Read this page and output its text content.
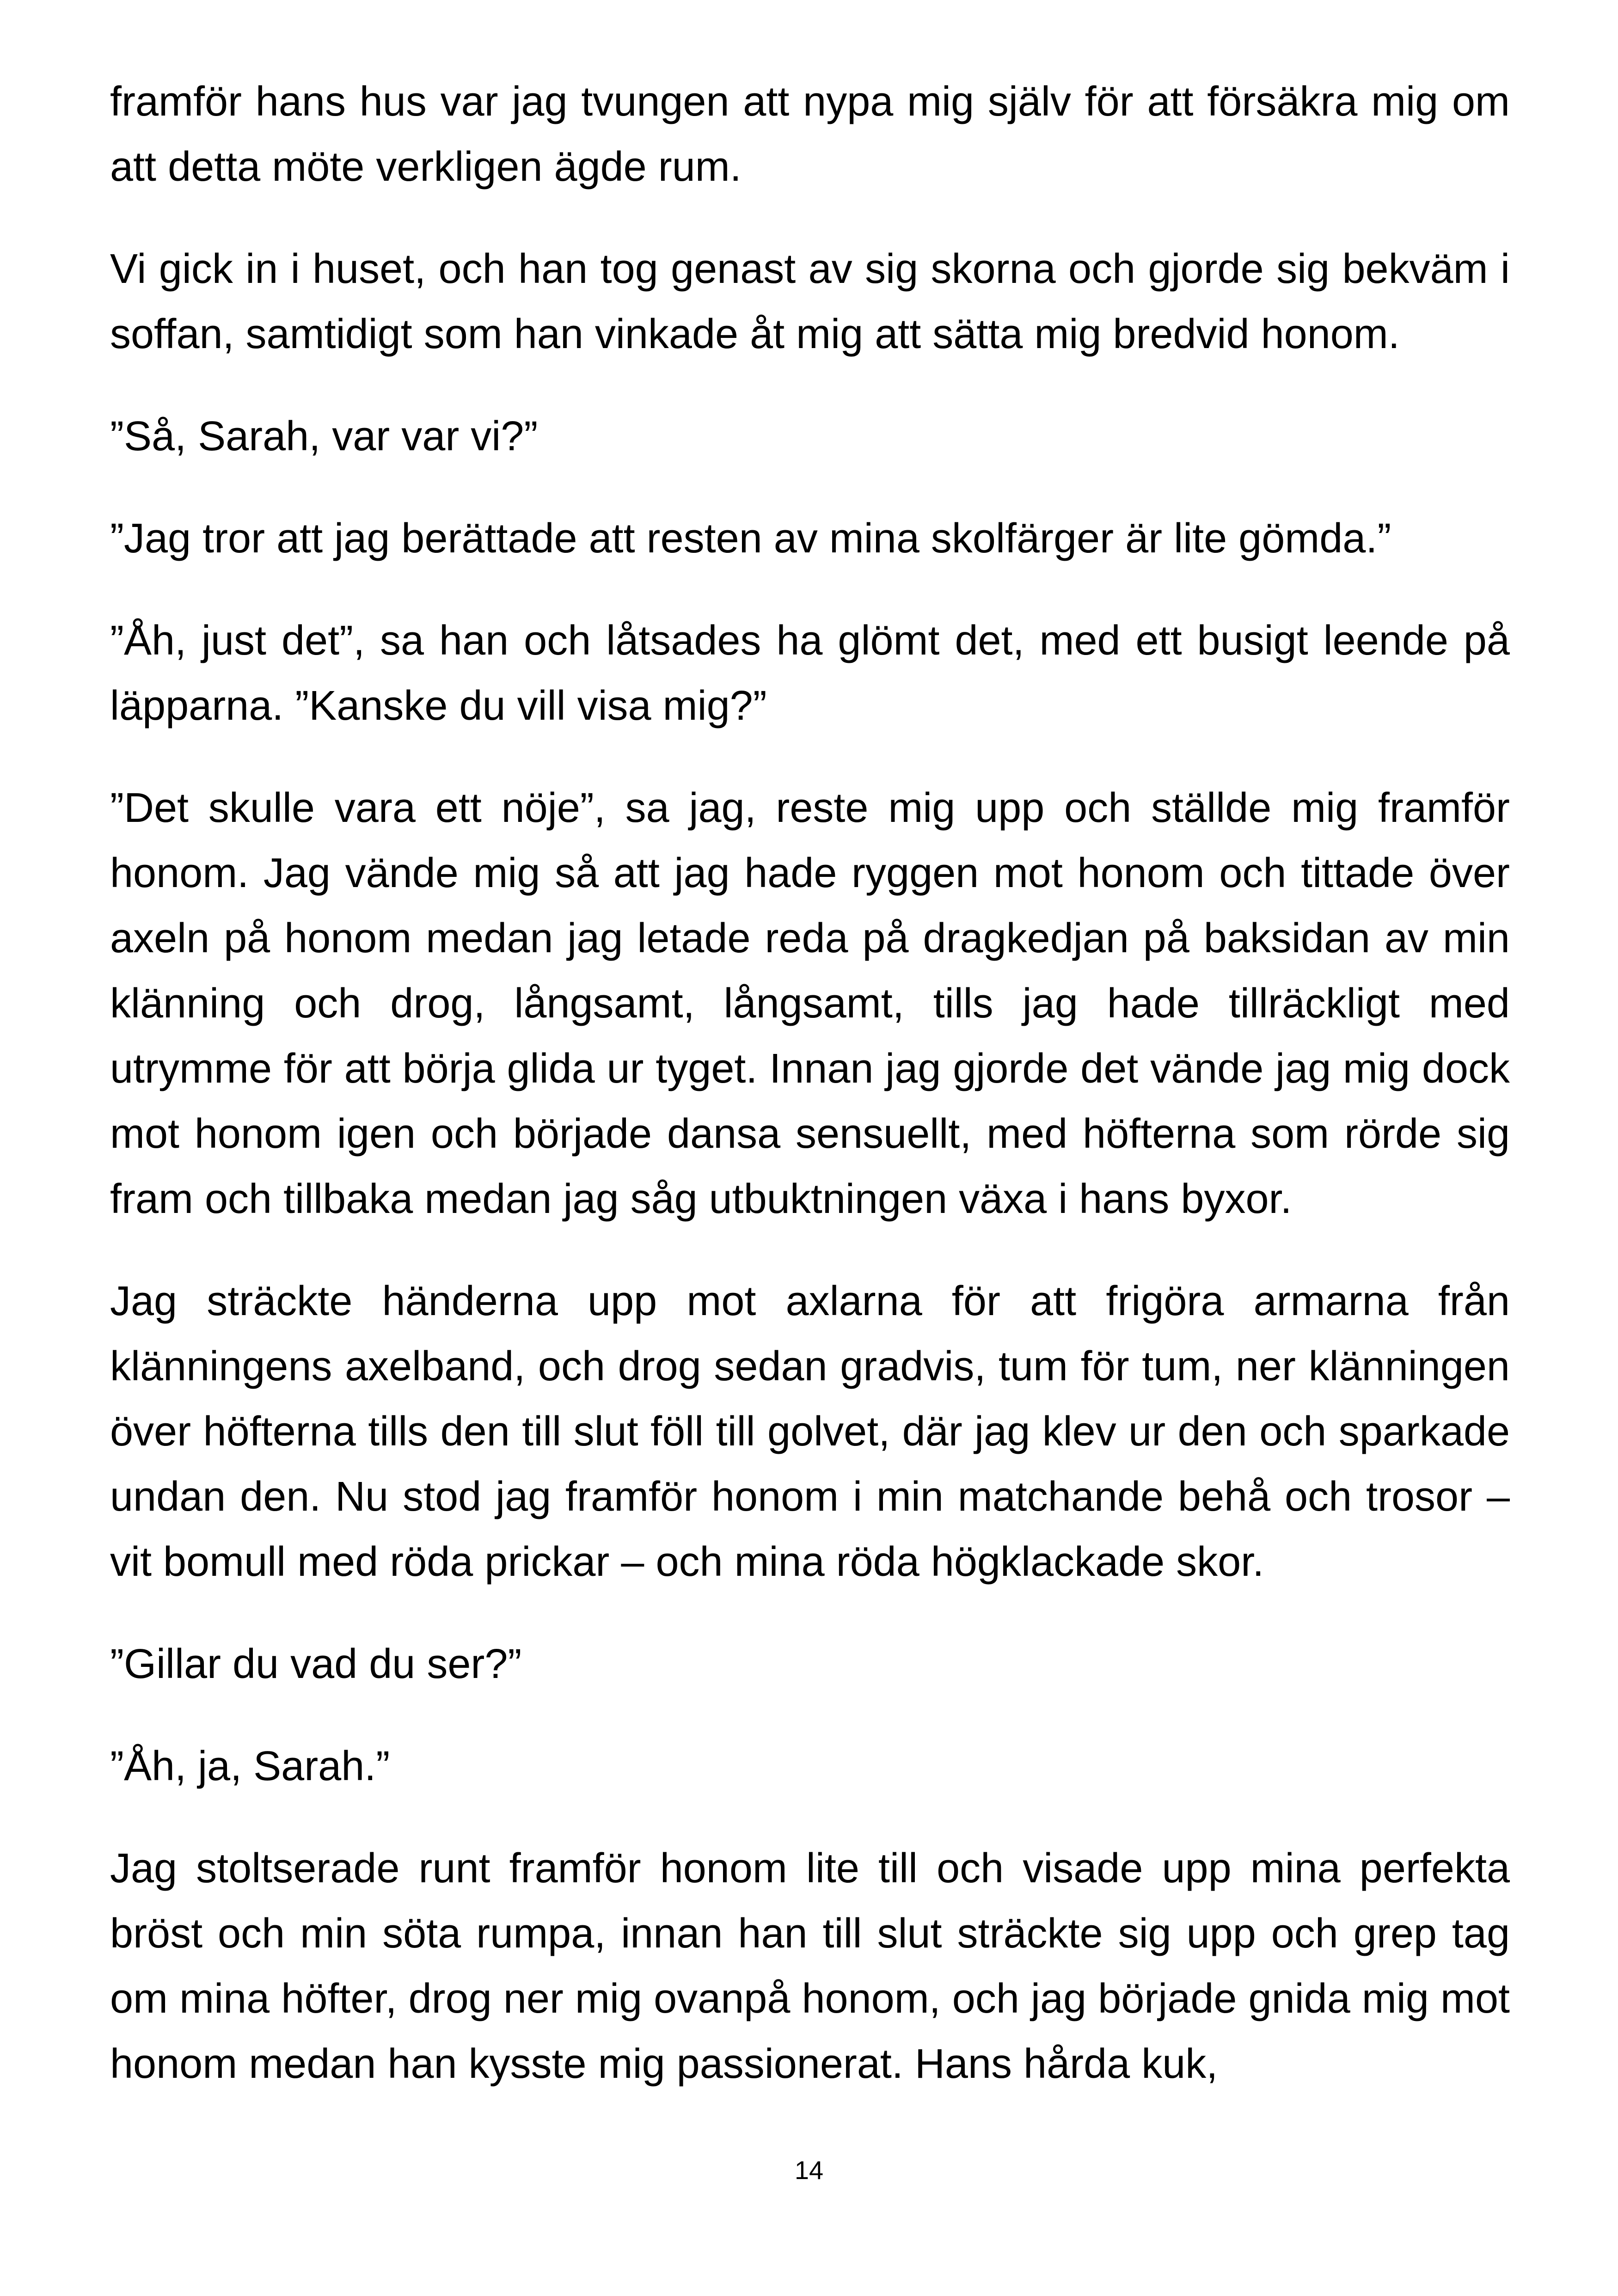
framför hans hus var jag tvungen att nypa mig själv för att försäkra mig om att detta möte verkligen ägde rum.

Vi gick in i huset, och han tog genast av sig skorna och gjorde sig bekväm i soffan, samtidigt som han vinkade åt mig att sätta mig bredvid honom.

”Så, Sarah, var var vi?”

”Jag tror att jag berättade att resten av mina skolfärger är lite gömda.”

”Åh, just det”, sa han och låtsades ha glömt det, med ett busigt leende på läpparna. ”Kanske du vill visa mig?”

”Det skulle vara ett nöje”, sa jag, reste mig upp och ställde mig framför honom. Jag vände mig så att jag hade ryggen mot honom och tittade över axeln på honom medan jag letade reda på dragkedjan på baksidan av min klänning och drog, långsamt, långsamt, tills jag hade tillräckligt med utrymme för att börja glida ur tyget. Innan jag gjorde det vände jag mig dock mot honom igen och började dansa sensuellt, med höfterna som rörde sig fram och tillbaka medan jag såg utbuktningen växa i hans byxor.

Jag sträckte händerna upp mot axlarna för att frigöra armarna från klänningens axelband, och drog sedan gradvis, tum för tum, ner klänningen över höfterna tills den till slut föll till golvet, där jag klev ur den och sparkade undan den. Nu stod jag framför honom i min matchande behå och trosor – vit bomull med röda prickar – och mina röda högklackade skor.

”Gillar du vad du ser?”

”Åh, ja, Sarah.”

Jag stoltserade runt framför honom lite till och visade upp mina perfekta bröst och min söta rumpa, innan han till slut sträckte sig upp och grep tag om mina höfter, drog ner mig ovanpå honom, och jag började gnida mig mot honom medan han kysste mig passionerat. Hans hårda kuk,

14
